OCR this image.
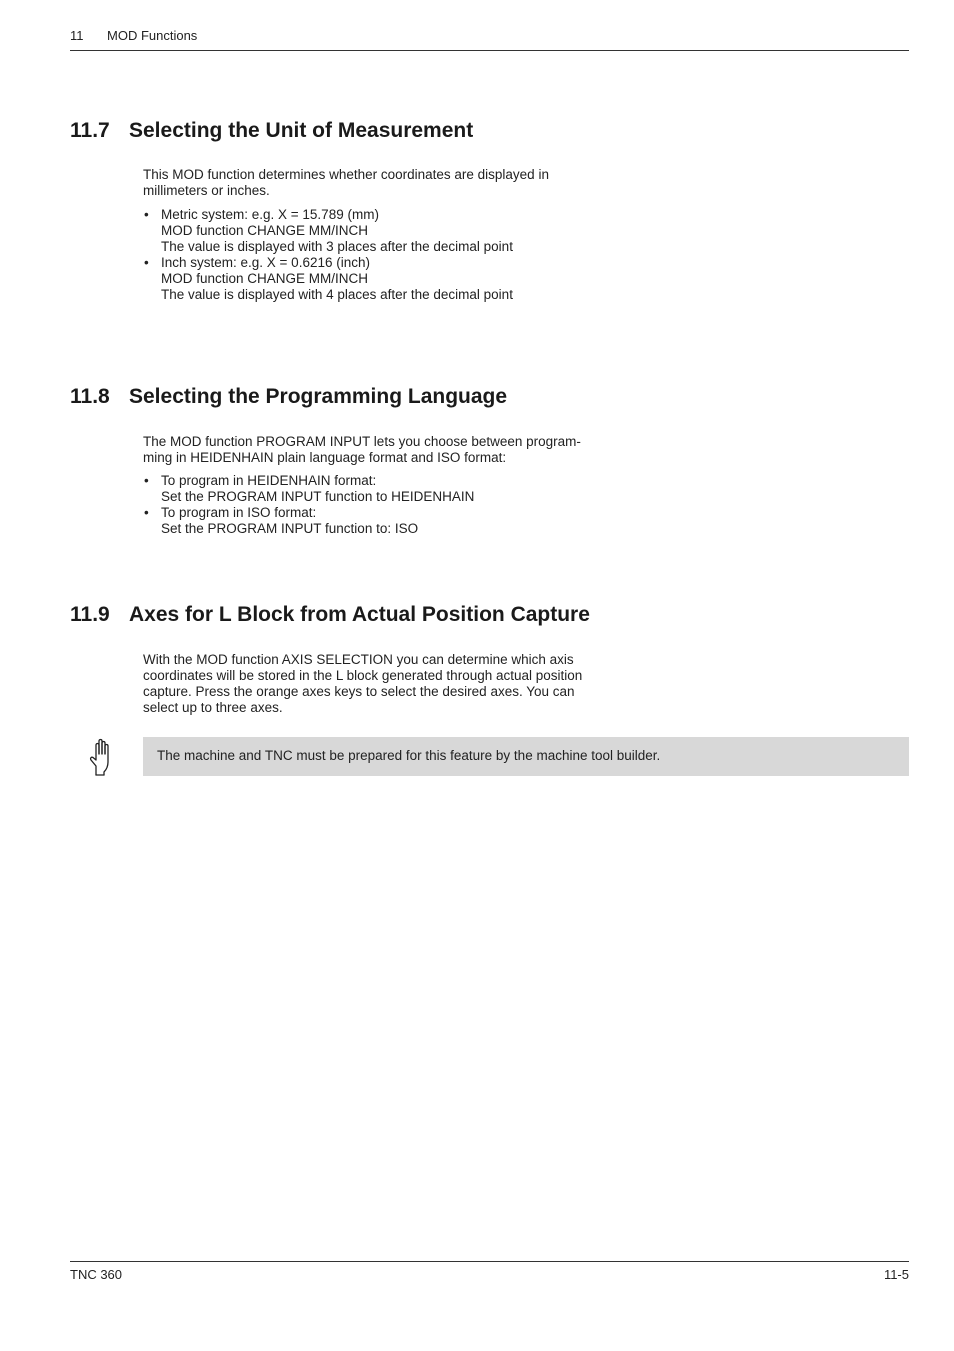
11 MOD Functions
11.7 Selecting the Unit of Measurement

This MOD function determines whether coordinates are displayed in
millimeters or inches.

• Metric system: e.g. X = 15.789 (mm)
MOD function CHANGE MM/INCH
The value is displayed with 3 places after the decimal point
• Inch system: e.g. X = 0.6216 (inch)
MOD function CHANGE MM/INCH
The value is displayed with 4 places after the decimal point
11.8 Selecting the Programming Language

The MOD function PROGRAM INPUT lets you choose between program-
ming in HEIDENHAIN plain language format and ISO format:

• To program in HEIDENHAIN format:
Set the PROGRAM INPUT function to HEIDENHAIN
• To program in ISO format:
Set the PROGRAM INPUT function to: ISO
11.9 Axes for L Block from Actual Position Capture

With the MOD function AXIS SELECTION you can determine which axis
coordinates will be stored in the L block generated through actual position
capture. Press the orange axes keys to select the desired axes. You can
select up to three axes.

The machine and TNC must be prepared for this feature by the machine tool builder.
TNC 360	11-5
